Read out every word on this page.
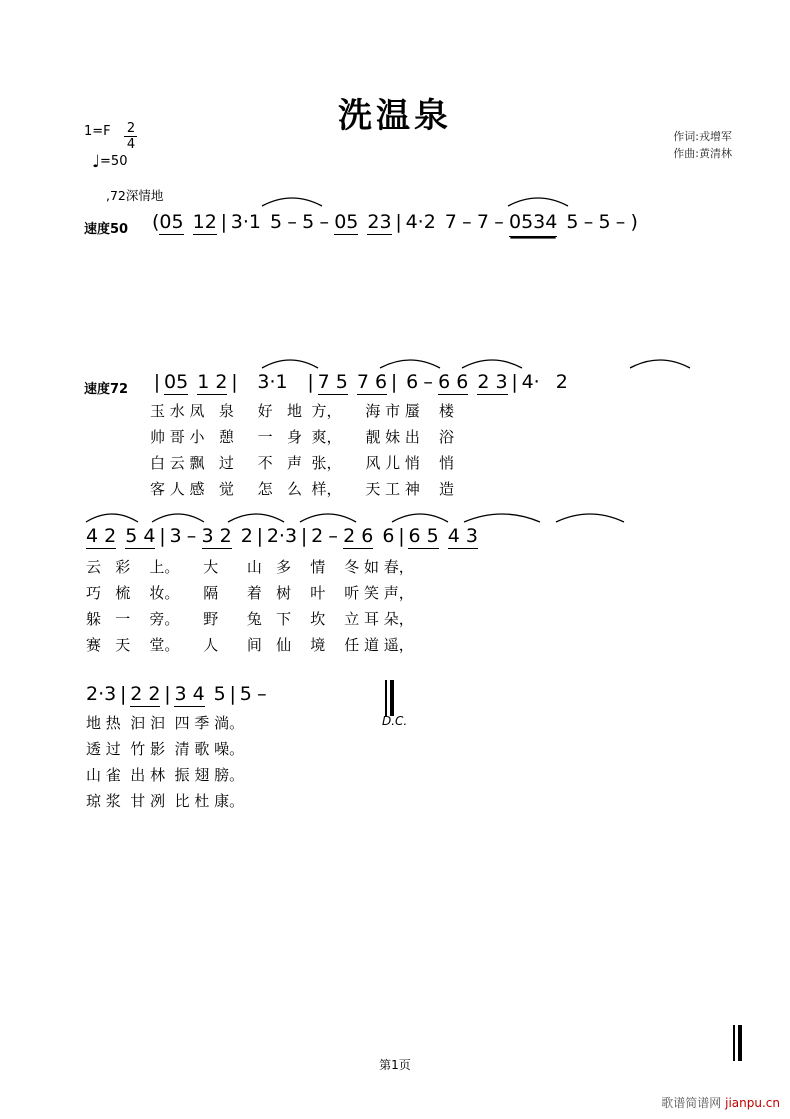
洗温泉
作词:戎增军
作曲:黄清林
1=F 2
4
♩=50
,72深情地
速度50 (05 12 | 3·1 5 – 5 – 05 23 | 4·2 7 – 7 – 0534 5 – 5 – )
速度72 | 05 1 2 | 3·1 | 7 5 7 6 | 6 – 6 6 2 3 | 4· 2
玉 水 凤   泉     好   地  方，     海 市 蜃    楼
帅 哥 小   憩     一   身  爽，     靓 妹 出    浴
白 云 飘   过     不   声  张，     风 儿 悄    悄
客 人 感   觉     怎   么  样，     天 工 神    造
4 2 5 4 | 3 – 3 2 2 | 2·3 | 2 – 2 6 6 | 6 5 4 3
云   彩    上。     大      山   多    情    冬 如 春，
巧   梳    妆。     隔      着   树    叶    听 笑 声，
躲   一    旁。     野      兔   下    坎    立 耳 朵，
赛   天    堂。     人      间   仙    境    任 道 遥，
2·3 | 2 2 | 3 4 5 | 5 –
D.C.
地 热  汩 汩  四 季 淌。
透 过  竹 影  清 歌 噪。
山 雀  出 林  振 翅 膀。
琼 浆  甘 冽  比 杜 康。
第1页
歌谱简谱网 jianpu.cn
